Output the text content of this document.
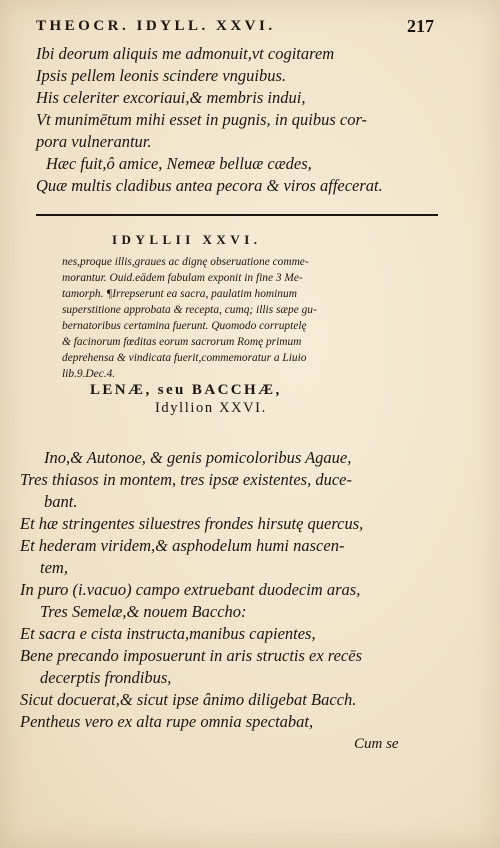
THEOCR. IDYLL. XXVI.	217
Ibi deorum aliquis me admonuit,vt cogitarem
Ipsis pellem leonis scindere vnguibus.
His celeriter excoriaui,& membris indui,
Vt munimētum mihi esset in pugnis, in quibus cor-
pora vulnerantur.
Hæc fuit,ô amice, Nemeæ belluæ cædes,
Quæ multis cladibus antea pecora & viros affecerat.
IDYLLII XXVI.
nes,proque illis,graues ac dignę obseruatione comme-
morantur. Ouid.eādem fabulam exponit in fine 3 Me-
tamorph. ¶Irrepserunt ea sacra, paulatim hominum
superstitione approbata & recepta, cumq; illis sæpe gu-
bernatoribus certamina fuerunt. Quomodo corruptelę
& facinorum fœditas eorum sacrorum Romę primum
deprehensa & vindicata fuerit,commemoratur a Liuio
lib.9.Dec.4.
LENÆ, seu BACCHÆ,
Idyllion XXVI.
Ino,& Autonoe, & genis pomicoloribus Agaue,
Tres thiasos in montem, tres ipsæ existentes, duce-
bant.
Et hæ stringentes siluestres frondes hirsutę quercus,
Et hederam viridem,& asphodelum humi nascen-
tem,
In puro (i.vacuo) campo extruebant duodecim aras,
Tres Semelæ,& nouem Baccho:
Et sacra e cista instructa,manibus capientes,
Bene precando imposuerunt in aris structis ex recēs
decerptis frondibus,
Sicut docuerat,& sicut ipse ânimo diligebat Bacch.
Pentheus vero ex alta rupe omnia spectabat,
Cum se
